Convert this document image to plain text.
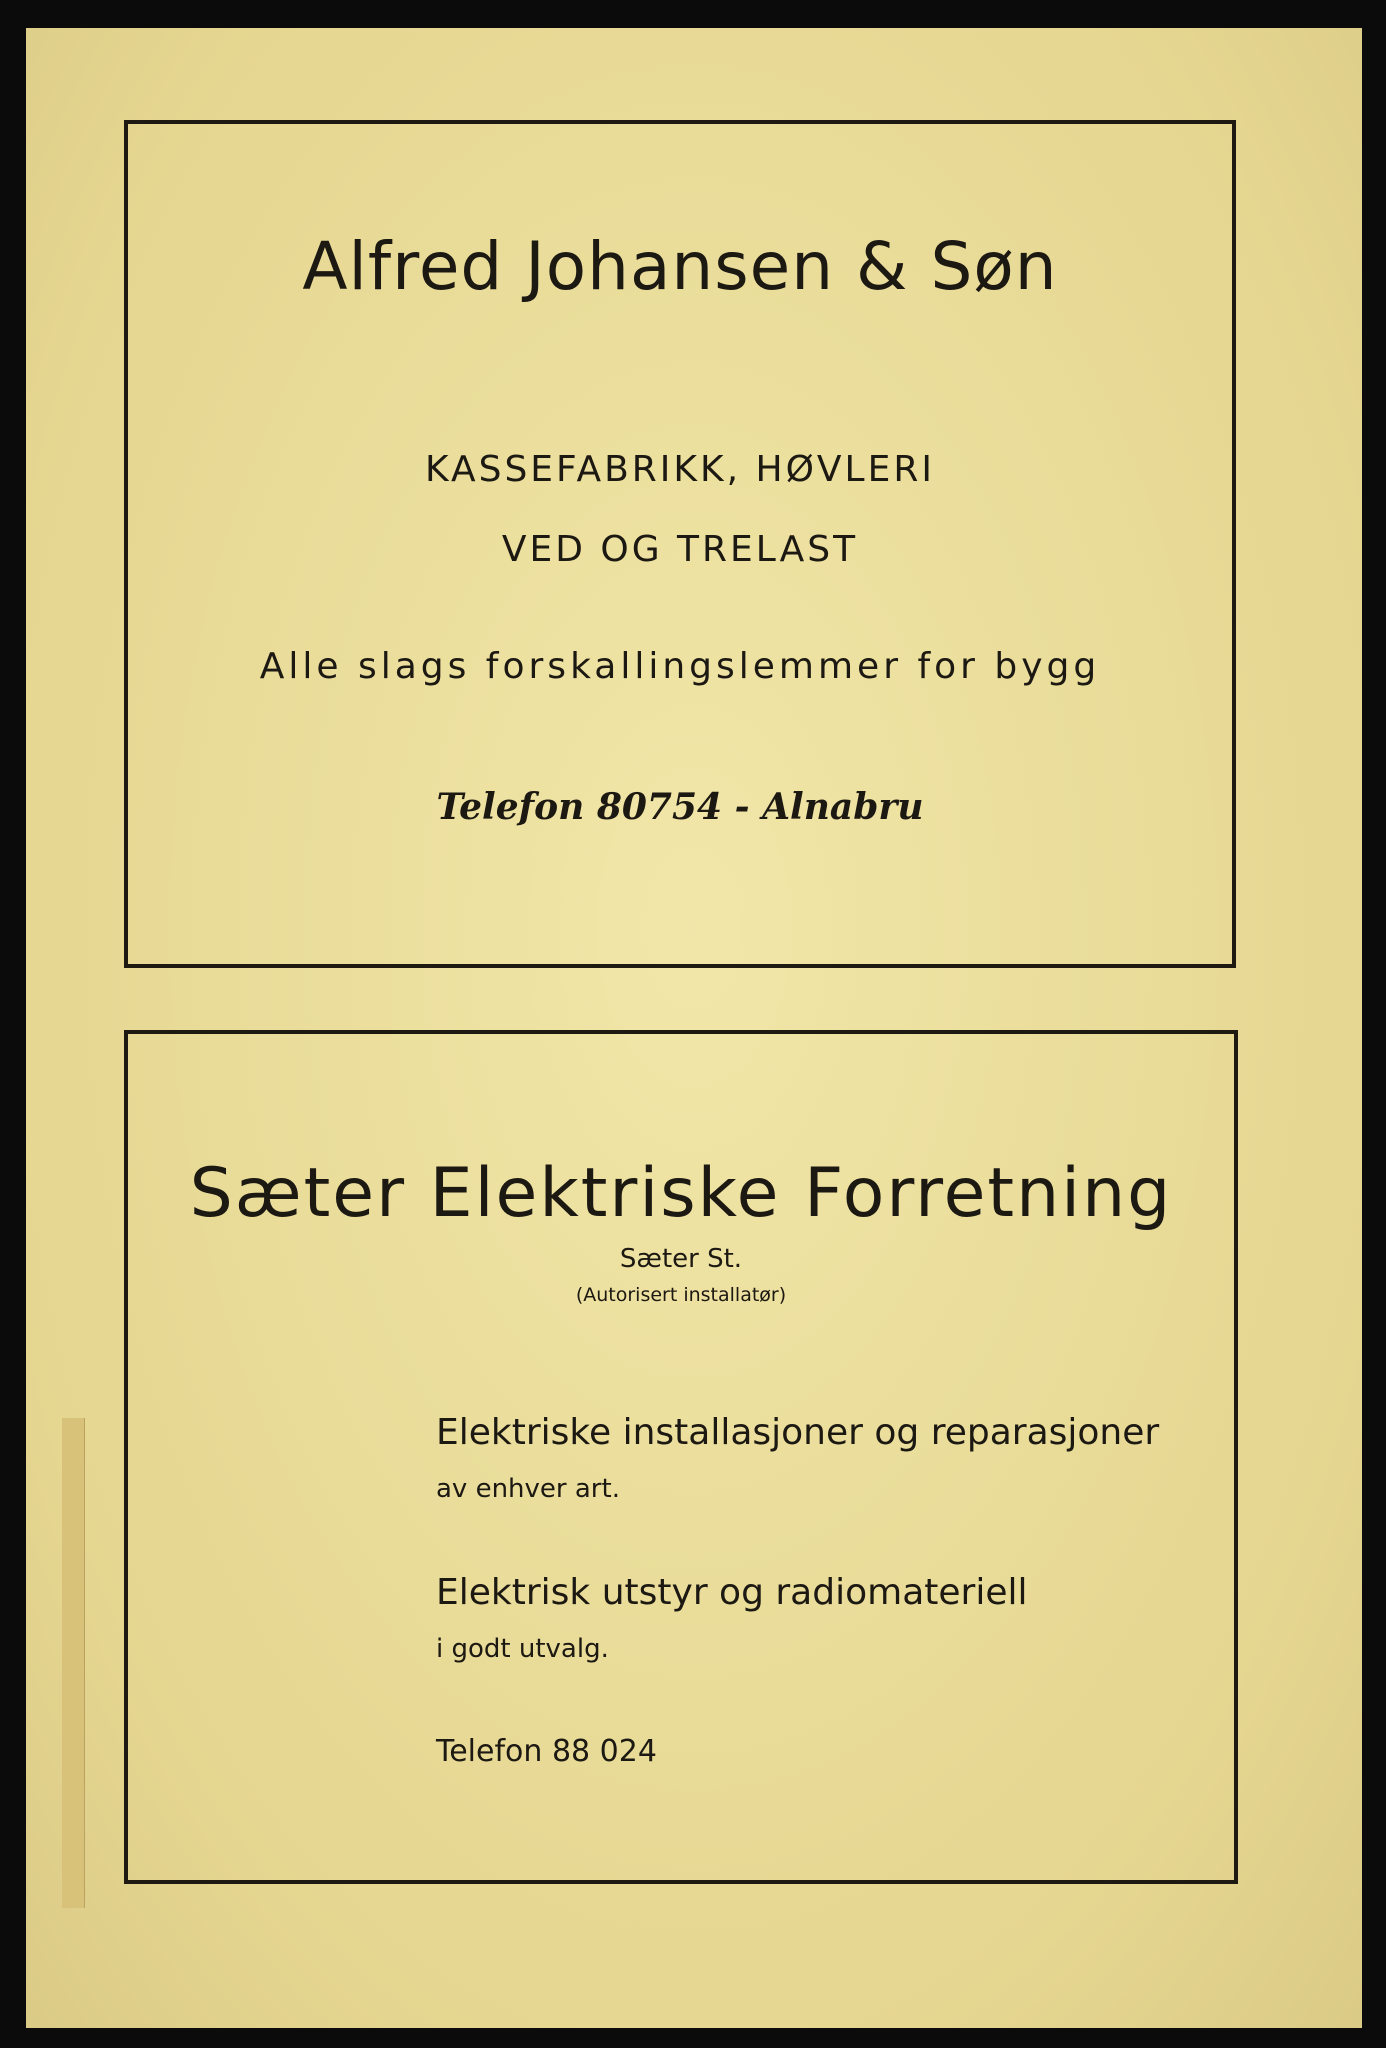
Alfred Johansen & Søn
KASSEFABRIKK, HØVLERI
VED OG TRELAST
Alle slags forskallingslemmer for bygg
Telefon 80754 - Alnabru
Sæter Elektriske Forretning
Sæter St.
(Autorisert installatør)
Elektriske installasjoner og reparasjoner
av enhver art.
Elektrisk utstyr og radiomateriell
i godt utvalg.
Telefon 88 024
